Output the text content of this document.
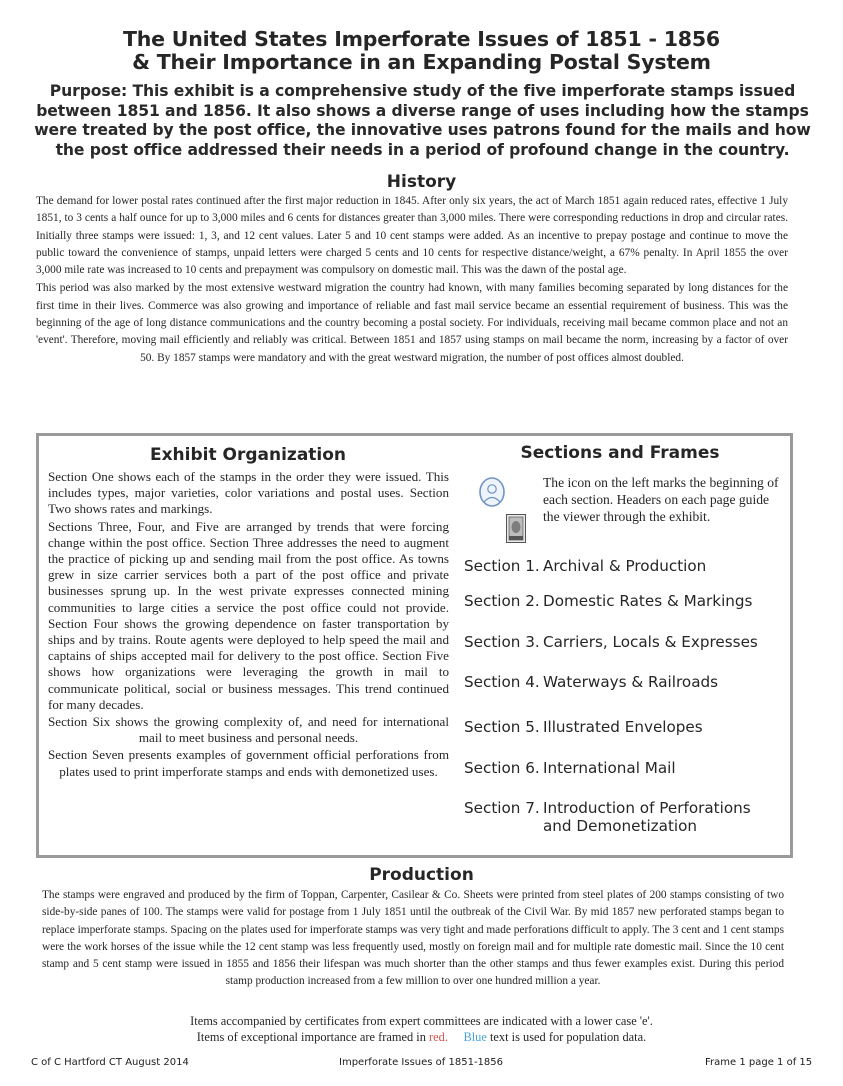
The United States Imperforate Issues of 1851 - 1856
& Their Importance in an Expanding Postal System
Purpose: This exhibit is a comprehensive study of the five imperforate stamps issued between 1851 and 1856. It also shows a diverse range of uses including how the stamps were treated by the post office, the innovative uses patrons found for the mails and how the post office addressed their needs in a period of profound change in the country.
History

The demand for lower postal rates continued after the first major reduction in 1845. After only six years, the act of March 1851 again reduced rates, effective 1 July 1851, to 3 cents a half ounce for up to 3,000 miles and 6 cents for distances greater than 3,000 miles. There were corresponding reductions in drop and circular rates. Initially three stamps were issued: 1, 3, and 12 cent values. Later 5 and 10 cent stamps were added. As an incentive to prepay postage and continue to move the public toward the convenience of stamps, unpaid letters were charged 5 cents and 10 cents for respective distance/weight, a 67% penalty. In April 1855 the over 3,000 mile rate was increased to 10 cents and prepayment was compulsory on domestic mail. This was the dawn of the postal age.

This period was also marked by the most extensive westward migration the country had known, with many families becoming separated by long distances for the first time in their lives. Commerce was also growing and importance of reliable and fast mail service became an essential requirement of business. This was the beginning of the age of long distance communications and the country becoming a postal society. For individuals, receiving mail became common place and not an 'event'. Therefore, moving mail efficiently and reliably was critical. Between 1851 and 1857 using stamps on mail became the norm, increasing by a factor of over 50. By 1857 stamps were mandatory and with the great westward migration, the number of post offices almost doubled.

Exhibit Organization

Section One shows each of the stamps in the order they were issued. This includes types, major varieties, color variations and postal uses. Section Two shows rates and markings.

Sections Three, Four, and Five are arranged by trends that were forcing change within the post office. Section Three addresses the need to augment the practice of picking up and sending mail from the post office. As towns grew in size carrier services both a part of the post office and private businesses sprung up. In the west private expresses connected mining communities to large cities a service the post office could not provide. Section Four shows the growing dependence on faster transportation by ships and by trains. Route agents were deployed to help speed the mail and captains of ships accepted mail for delivery to the post office. Section Five shows how organizations were leveraging the growth in mail to communicate political, social or business messages. This trend continued for many decades.

Section Six shows the growing complexity of, and need for international mail to meet business and personal needs.

Section Seven presents examples of government official perforations from plates used to print imperforate stamps and ends with demonetized uses.

Sections and Frames
The icon on the left marks the beginning of each section. Headers on each page guide the viewer through the exhibit.
Section 1. Archival & Production
Section 2. Domestic Rates & Markings
Section 3. Carriers, Locals & Expresses
Section 4. Waterways & Railroads
Section 5. Illustrated Envelopes
Section 6. International Mail
Section 7. Introduction of Perforations
and Demonetization
Production

The stamps were engraved and produced by the firm of Toppan, Carpenter, Casilear & Co. Sheets were printed from steel plates of 200 stamps consisting of two side-by-side panes of 100. The stamps were valid for postage from 1 July 1851 until the outbreak of the Civil War. By mid 1857 new perforated stamps began to replace imperforate stamps. Spacing on the plates used for imperforate stamps was very tight and made perforations difficult to apply. The 3 cent and 1 cent stamps were the work horses of the issue while the 12 cent stamp was less frequently used, mostly on foreign mail and for multiple rate domestic mail. Since the 10 cent stamp and 5 cent stamp were issued in 1855 and 1856 their lifespan was much shorter than the other stamps and thus fewer examples exist. During this period stamp production increased from a few million to over one hundred million a year.

Items accompanied by certificates from expert committees are indicated with a lower case 'e'.
Items of exceptional importance are framed in red. Blue text is used for population data.
C of C Hartford CT August 2014	Imperforate Issues of 1851-1856	Frame 1 page 1 of 15
